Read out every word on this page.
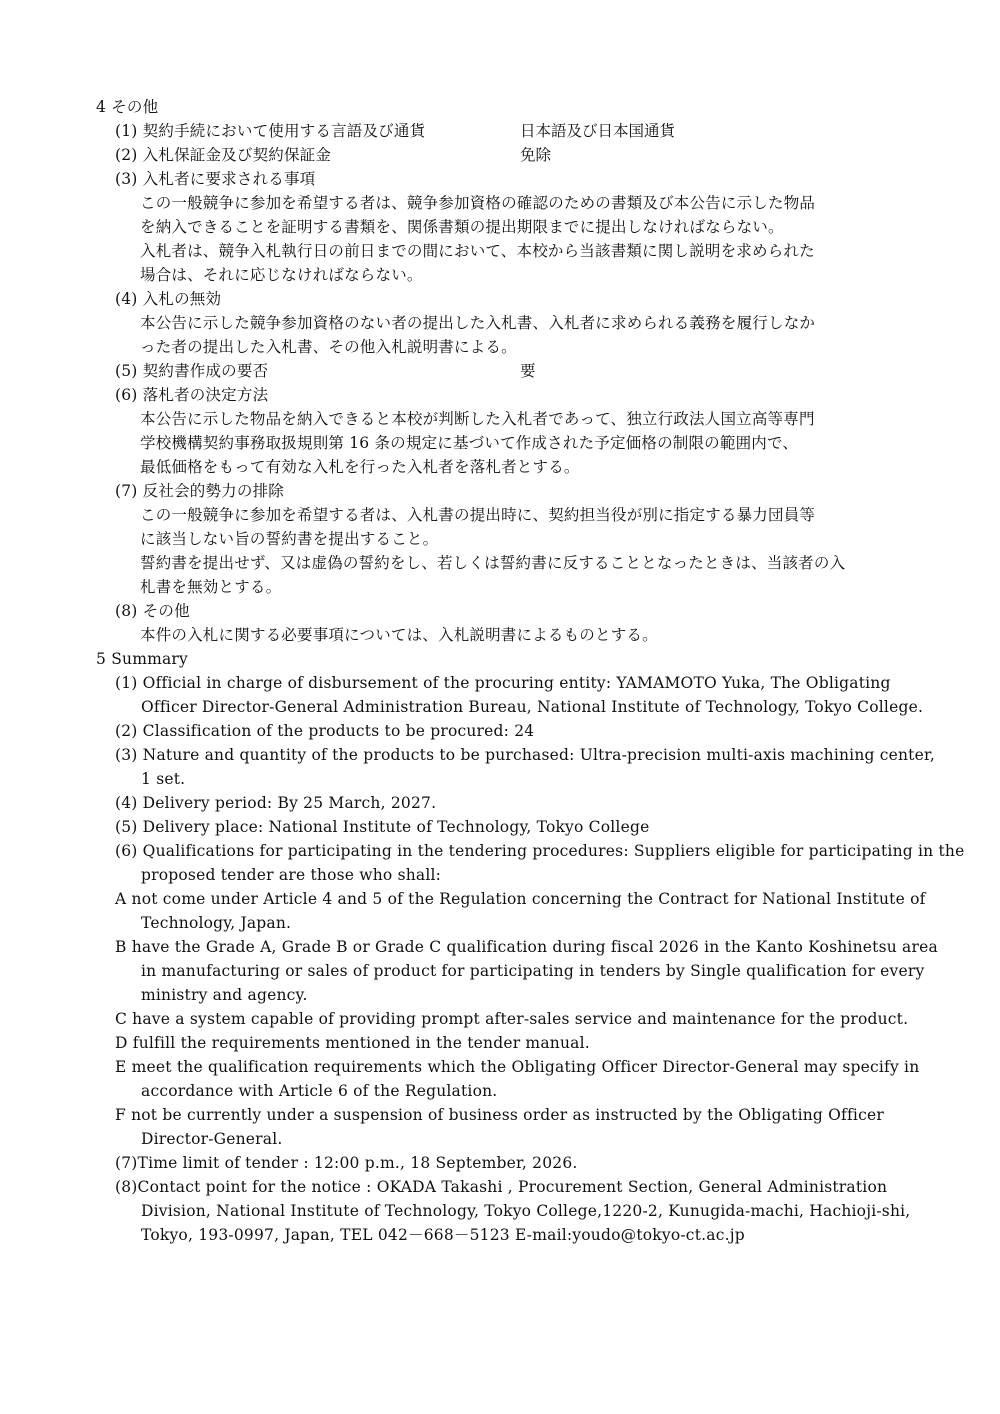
4 その他
(1) 契約手続において使用する言語及び通貨	日本語及び日本国通貨
(2) 入札保証金及び契約保証金	免除
(3) 入札者に要求される事項
この一般競争に参加を希望する者は、競争参加資格の確認のための書類及び本公告に示した物品
を納入できることを証明する書類を、関係書類の提出期限までに提出しなければならない。
入札者は、競争入札執行日の前日までの間において、本校から当該書類に関し説明を求められた
場合は、それに応じなければならない。
(4) 入札の無効
本公告に示した競争参加資格のない者の提出した入札書、入札者に求められる義務を履行しなか
った者の提出した入札書、その他入札説明書による。
(5) 契約書作成の要否	要
(6) 落札者の決定方法
本公告に示した物品を納入できると本校が判断した入札者であって、独立行政法人国立高等専門
学校機構契約事務取扱規則第 16 条の規定に基づいて作成された予定価格の制限の範囲内で、
最低価格をもって有効な入札を行った入札者を落札者とする。
(7) 反社会的勢力の排除
この一般競争に参加を希望する者は、入札書の提出時に、契約担当役が別に指定する暴力団員等
に該当しない旨の誓約書を提出すること。
誓約書を提出せず、又は虚偽の誓約をし、若しくは誓約書に反することとなったときは、当該者の入
札書を無効とする。
(8) その他
本件の入札に関する必要事項については、入札説明書によるものとする。
5 Summary
(1) Official in charge of disbursement of the procuring entity: YAMAMOTO Yuka, The Obligating
Officer Director-General Administration Bureau, National Institute of Technology, Tokyo College.
(2) Classification of the products to be procured: 24
(3) Nature and quantity of the products to be purchased: Ultra-precision multi-axis machining center,
1 set.
(4) Delivery period: By 25 March, 2027.
(5) Delivery place: National Institute of Technology, Tokyo College
(6) Qualifications for participating in the tendering procedures: Suppliers eligible for participating in the
proposed tender are those who shall:
A not come under Article 4 and 5 of the Regulation concerning the Contract for National Institute of
Technology, Japan.
B have the Grade A, Grade B or Grade C qualification during fiscal 2026 in the Kanto Koshinetsu area
in manufacturing or sales of product for participating in tenders by Single qualification for every
ministry and agency.
C have a system capable of providing prompt after-sales service and maintenance for the product.
D fulfill the requirements mentioned in the tender manual.
E meet the qualification requirements which the Obligating Officer Director-General may specify in
accordance with Article 6 of the Regulation.
F not be currently under a suspension of business order as instructed by the Obligating Officer
Director-General.
(7)Time limit of tender : 12:00 p.m., 18 September, 2026.
(8)Contact point for the notice : OKADA Takashi , Procurement Section, General Administration
Division, National Institute of Technology, Tokyo College,1220-2, Kunugida-machi, Hachioji-shi,
Tokyo, 193-0997, Japan, TEL 042－668－5123 E-mail:youdo@tokyo-ct.ac.jp
